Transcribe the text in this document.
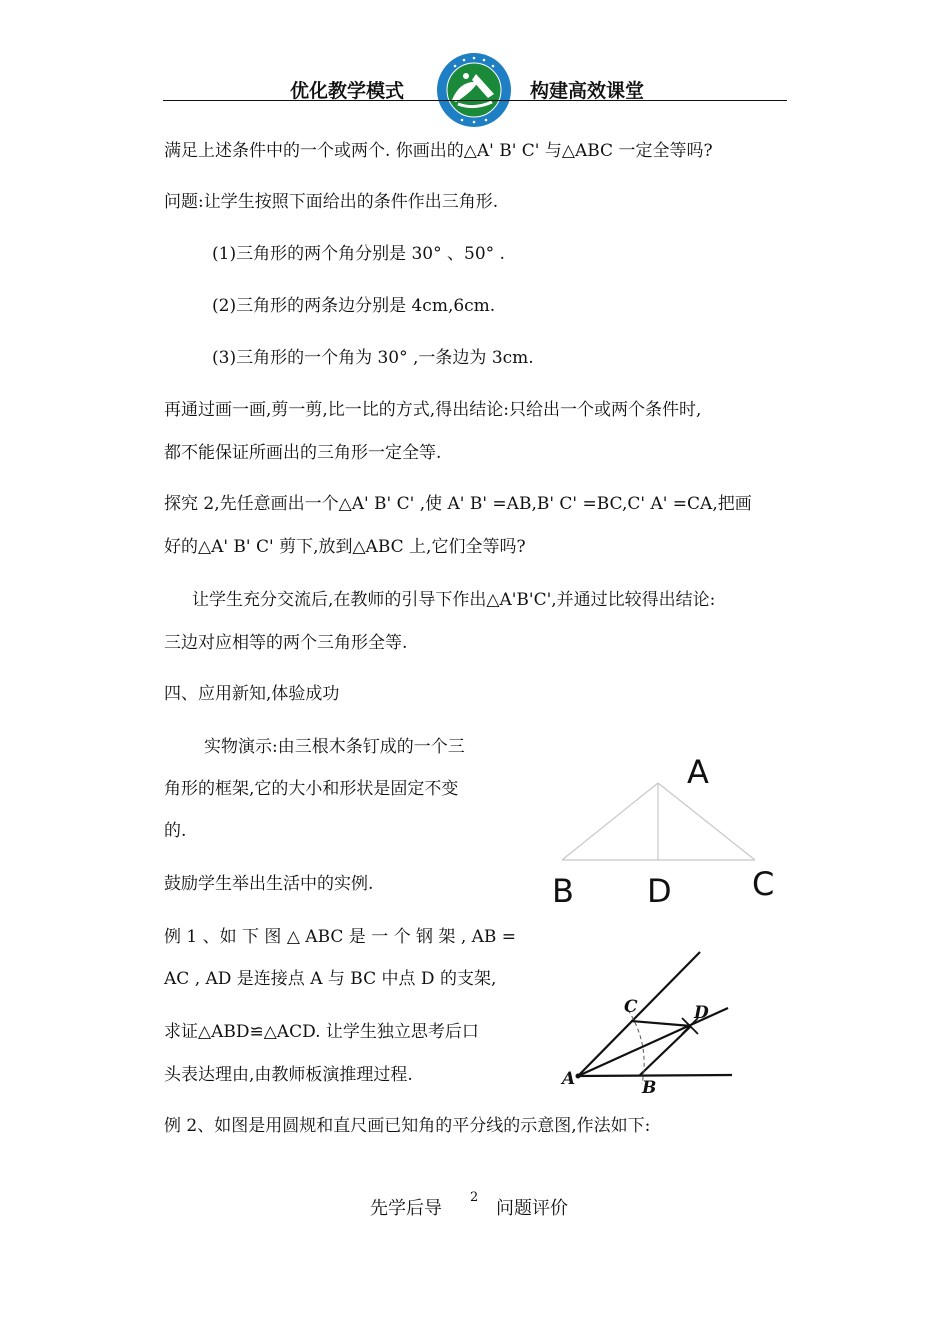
优化教学模式	构建高效课堂
满足上述条件中的一个或两个. 你画出的△A' B' C' 与△ABC 一定全等吗?
问题:让学生按照下面给出的条件作出三角形.
(1)三角形的两个角分别是 30° 、50° .
(2)三角形的两条边分别是 4cm,6cm.
(3)三角形的一个角为 30° ,一条边为 3cm.
再通过画一画,剪一剪,比一比的方式,得出结论:只给出一个或两个条件时,
都不能保证所画出的三角形一定全等.
探究 2,先任意画出一个△A' B' C' ,使 A' B' =AB,B' C' =BC,C' A' =CA,把画
好的△A' B' C' 剪下,放到△ABC 上,它们全等吗?
让学生充分交流后,在教师的引导下作出△A'B'C',并通过比较得出结论:
三边对应相等的两个三角形全等.
四、应用新知,体验成功
实物演示:由三根木条钉成的一个三
角形的框架,它的大小和形状是固定不变
的.
鼓励学生举出生活中的实例.
例 1 、如 下 图 △ ABC 是 一 个 钢 架 , AB =
AC , AD 是连接点 A 与 BC 中点 D 的支架,
求证△ABD≌△ACD. 让学生独立思考后口
头表达理由,由教师板演推理过程.
例 2、如图是用圆规和直尺画已知角的平分线的示意图,作法如下:
A
B D	C
C	D
A	B
先学后导
2
问题评价
